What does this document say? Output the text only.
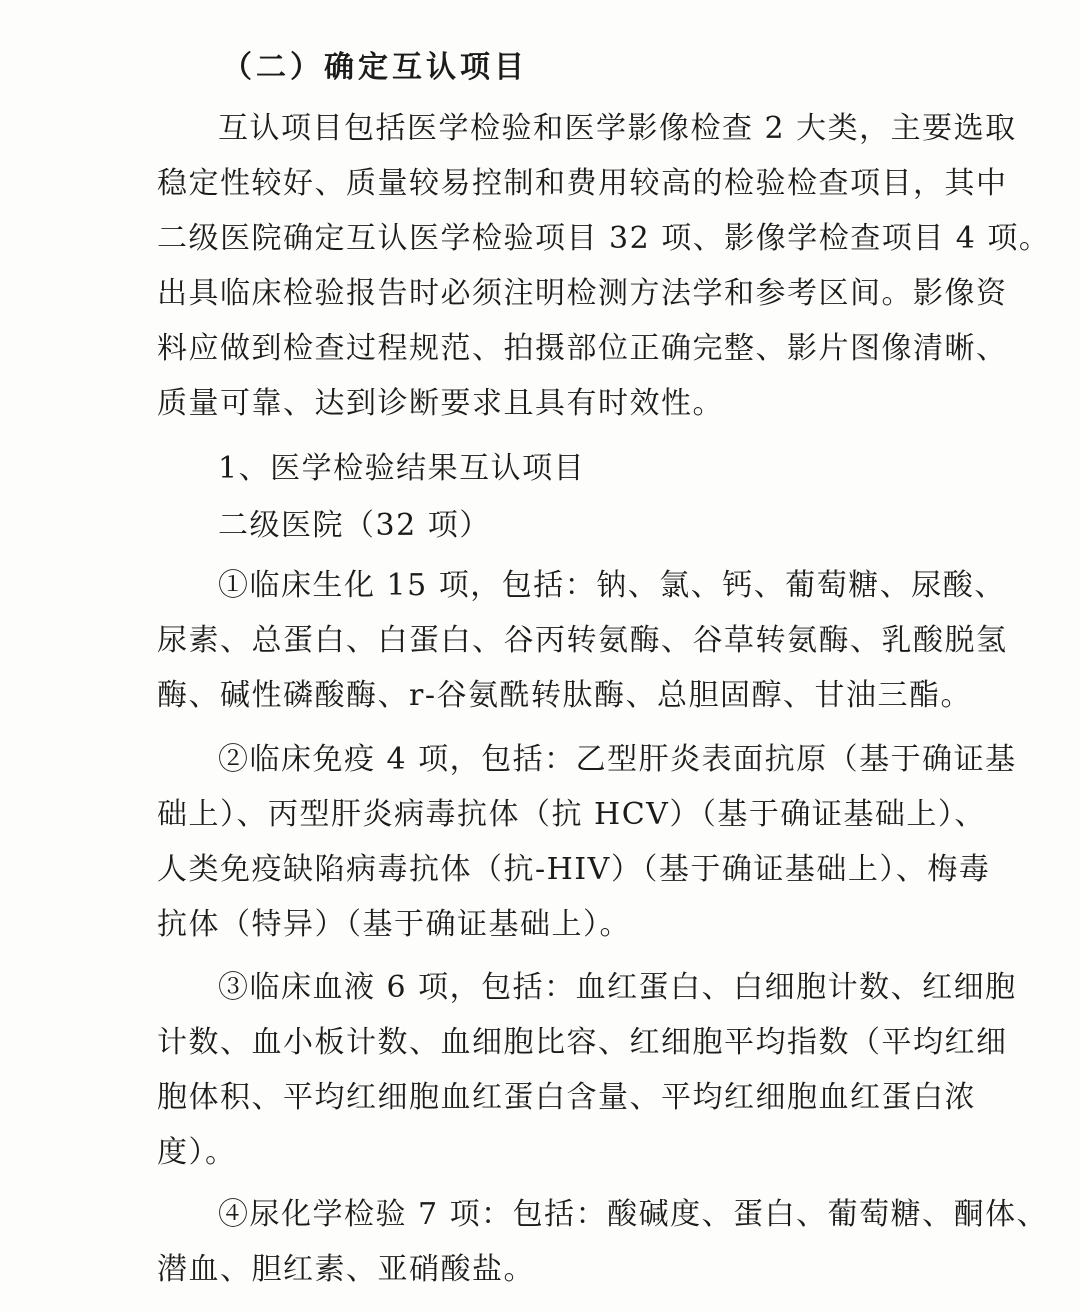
（二）确定互认项目
互认项目包括医学检验和医学影像检查 2 大类，主要选取
稳定性较好、质量较易控制和费用较高的检验检查项目，其中
二级医院确定互认医学检验项目 32 项、影像学检查项目 4 项。
出具临床检验报告时必须注明检测方法学和参考区间。影像资
料应做到检查过程规范、拍摄部位正确完整、影片图像清晰、
质量可靠、达到诊断要求且具有时效性。
1、医学检验结果互认项目
二级医院（32 项）
①临床生化 15 项，包括：钠、氯、钙、葡萄糖、尿酸、
尿素、总蛋白、白蛋白、谷丙转氨酶、谷草转氨酶、乳酸脱氢
酶、碱性磷酸酶、r-谷氨酰转肽酶、总胆固醇、甘油三酯。
②临床免疫 4 项，包括：乙型肝炎表面抗原（基于确证基
础上）、丙型肝炎病毒抗体（抗 HCV）（基于确证基础上）、
人类免疫缺陷病毒抗体（抗-HIV）（基于确证基础上）、梅毒
抗体（特异）（基于确证基础上）。
③临床血液 6 项，包括：血红蛋白、白细胞计数、红细胞
计数、血小板计数、血细胞比容、红细胞平均指数（平均红细
胞体积、平均红细胞血红蛋白含量、平均红细胞血红蛋白浓
度）。
④尿化学检验 7 项：包括：酸碱度、蛋白、葡萄糖、酮体、
潜血、胆红素、亚硝酸盐。
